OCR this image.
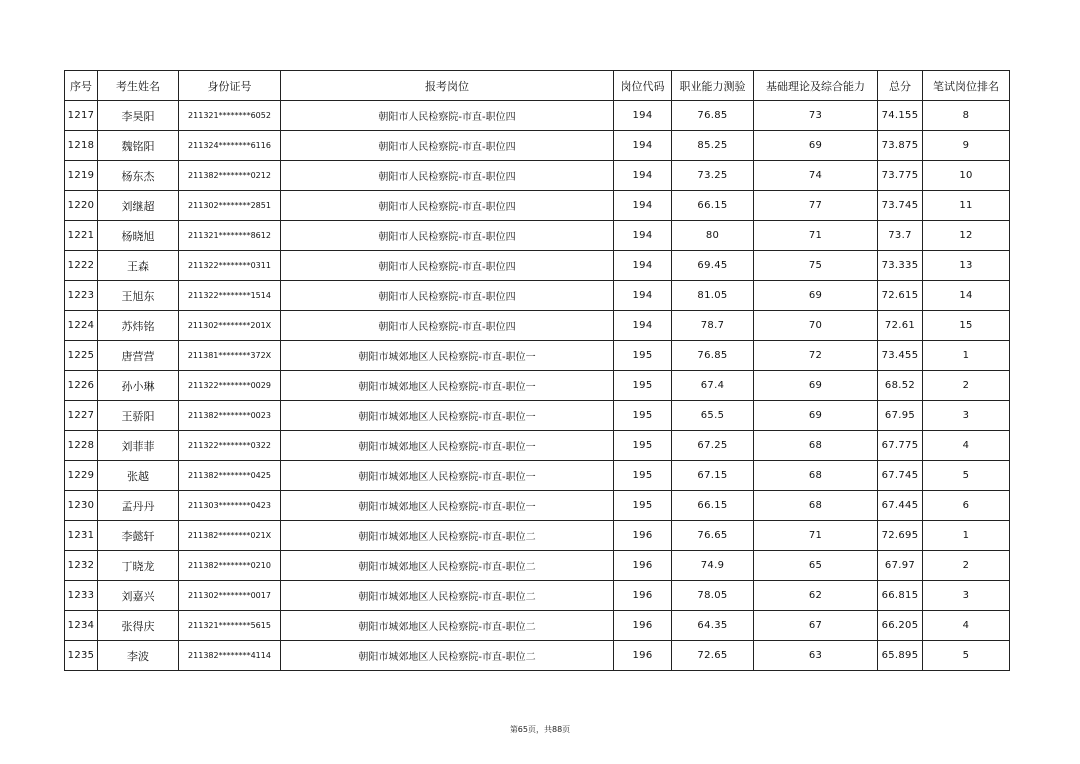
序号	考生姓名	身份证号	报考岗位	岗位代码	职业能力测验	基础理论及综合能力	总分	笔试岗位排名
1217	李昊阳	211321********6052	朝阳市人民检察院-市直-职位四	194	76.85	73	74.155	8
1218	魏铭阳	211324********6116	朝阳市人民检察院-市直-职位四	194	85.25	69	73.875	9
1219	杨东杰	211382********0212	朝阳市人民检察院-市直-职位四	194	73.25	74	73.775	10
1220	刘继超	211302********2851	朝阳市人民检察院-市直-职位四	194	66.15	77	73.745	11
1221	杨晓旭	211321********8612	朝阳市人民检察院-市直-职位四	194	80	71	73.7	12
1222	王森	211322********0311	朝阳市人民检察院-市直-职位四	194	69.45	75	73.335	13
1223	王旭东	211322********1514	朝阳市人民检察院-市直-职位四	194	81.05	69	72.615	14
1224	苏炜铭	211302********201X	朝阳市人民检察院-市直-职位四	194	78.7	70	72.61	15
1225	唐营营	211381********372X	朝阳市城郊地区人民检察院-市直-职位一	195	76.85	72	73.455	1
1226	孙小琳	211322********0029	朝阳市城郊地区人民检察院-市直-职位一	195	67.4	69	68.52	2
1227	王骄阳	211382********0023	朝阳市城郊地区人民检察院-市直-职位一	195	65.5	69	67.95	3
1228	刘菲菲	211322********0322	朝阳市城郊地区人民检察院-市直-职位一	195	67.25	68	67.775	4
1229	张越	211382********0425	朝阳市城郊地区人民检察院-市直-职位一	195	67.15	68	67.745	5
1230	孟丹丹	211303********0423	朝阳市城郊地区人民检察院-市直-职位一	195	66.15	68	67.445	6
1231	李懿轩	211382********021X	朝阳市城郊地区人民检察院-市直-职位二	196	76.65	71	72.695	1
1232	丁晓龙	211382********0210	朝阳市城郊地区人民检察院-市直-职位二	196	74.9	65	67.97	2
1233	刘嘉兴	211302********0017	朝阳市城郊地区人民检察院-市直-职位二	196	78.05	62	66.815	3
1234	张得庆	211321********5615	朝阳市城郊地区人民检察院-市直-职位二	196	64.35	67	66.205	4
1235	李波	211382********4114	朝阳市城郊地区人民检察院-市直-职位二	196	72.65	63	65.895	5
第65页，共88页
